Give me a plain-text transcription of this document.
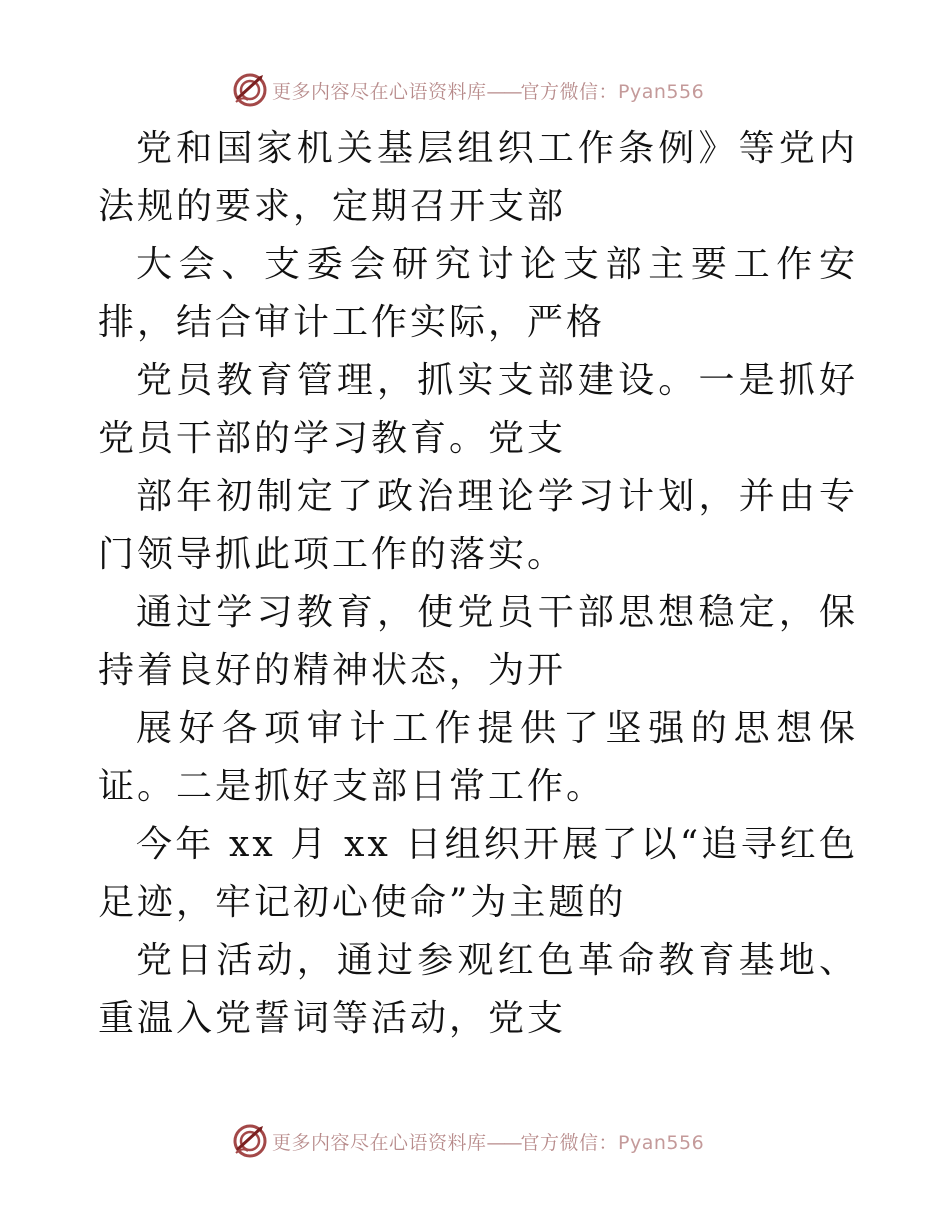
更多内容尽在心语资料库——官方微信：Pyan556

党和国家机关基层组织工作条例》等党内法规的要求，定期召开支部

大会、支委会研究讨论支部主要工作安排，结合审计工作实际，严格

党员教育管理，抓实支部建设。一是抓好党员干部的学习教育。党支

部年初制定了政治理论学习计划，并由专门领导抓此项工作的落实。

通过学习教育，使党员干部思想稳定，保持着良好的精神状态，为开

展好各项审计工作提供了坚强的思想保证。二是抓好支部日常工作。

今年 xx 月 xx 日组织开展了以“追寻红色足迹，牢记初心使命”为主题的

党日活动，通过参观红色革命教育基地、重温入党誓词等活动，党支

更多内容尽在心语资料库——官方微信：Pyan556
